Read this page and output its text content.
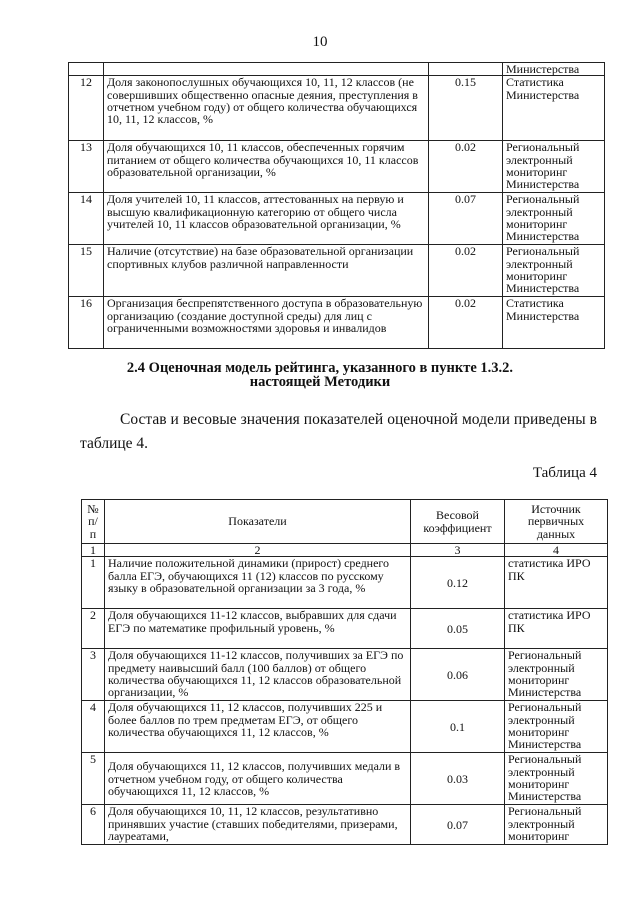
10
			Министерства
12	Доля законопослушных обучающихся 10, 11, 12 классов (не совершивших общественно опасные деяния, преступления в отчетном учебном году) от общего количества обучающихся 10, 11, 12 классов, %	0.15	Статистика Министерства
13	Доля обучающихся 10, 11 классов, обеспеченных горячим питанием от общего количества обучающихся 10, 11 классов образовательной организации, %	0.02	Региональный электронный мониторинг Министерства
14	Доля учителей 10, 11 классов, аттестованных на первую и высшую квалификационную категорию от общего числа учителей 10, 11 классов образовательной организации, %	0.07	Региональный электронный мониторинг Министерства
15	Наличие (отсутствие) на базе образовательной организации спортивных клубов различной направленности	0.02	Региональный электронный мониторинг Министерства
16	Организация беспрепятственного доступа в образовательную организацию (создание доступной среды) для лиц с ограниченными возможностями здоровья и инвалидов	0.02	Статистика Министерства
2.4 Оценочная модель рейтинга, указанного в пункте 1.3.2.
настоящей Методики
Состав и весовые значения показателей оценочной модели приведены в таблице 4.
Таблица 4
№ п/п	Показатели	Весовой коэффициент	Источник первичных данных
1	2	3	4
1	Наличие положительной динамики (прирост) среднего балла ЕГЭ, обучающихся 11 (12) классов по русскому языку в образовательной организации за 3 года, %	0.12	статистика ИРО ПК
2	Доля обучающихся 11-12 классов, выбравших для сдачи ЕГЭ по математике профильный уровень, %	0.05	статистика ИРО ПК
3	Доля обучающихся 11-12 классов, получивших за ЕГЭ по предмету наивысший балл (100 баллов) от общего количества обучающихся 11, 12 классов образовательной организации, %	0.06	Региональный электронный мониторинг Министерства
4	Доля обучающихся 11, 12 классов, получивших 225 и более баллов по трем предметам ЕГЭ, от общего количества обучающихся 11, 12 классов, %	0.1	Региональный электронный мониторинг Министерства
5	Доля обучающихся 11, 12 классов, получивших медали в отчетном учебном году, от общего количества обучающихся 11, 12 классов, %	0.03	Региональный электронный мониторинг Министерства
6	Доля обучающихся 10, 11, 12 классов, результативно принявших участие (ставших победителями, призерами, лауреатами,	0.07	Региональный электронный мониторинг
